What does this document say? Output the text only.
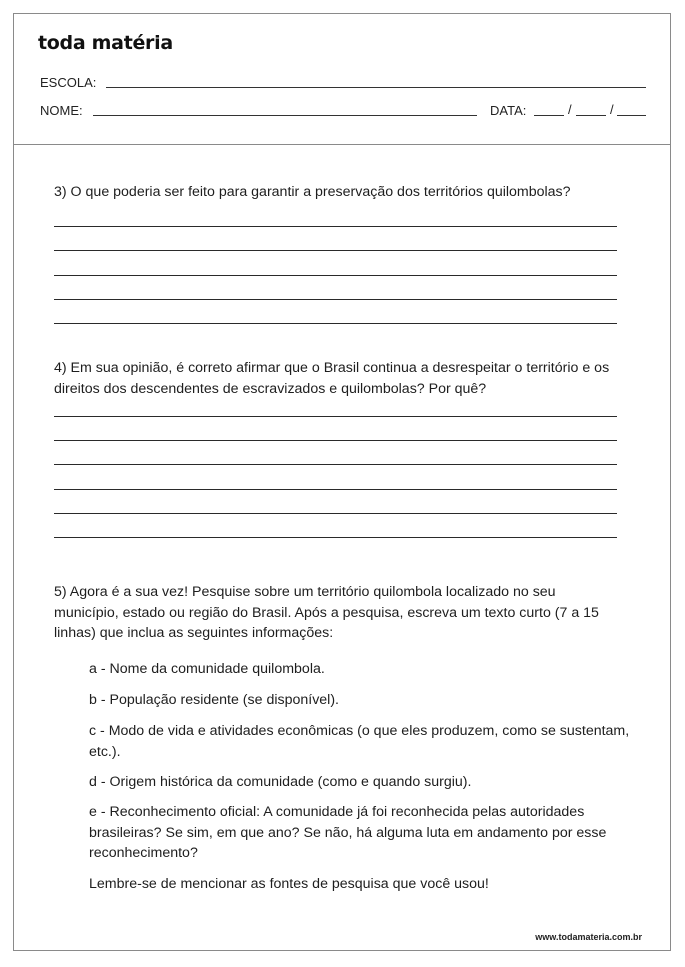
toda matéria
ESCOLA:
NOME:	DATA:	/	/
3) O que poderia ser feito para garantir a preservação dos territórios quilombolas?
4) Em sua opinião, é correto afirmar que o Brasil continua a desrespeitar o território e os direitos dos descendentes de escravizados e quilombolas? Por quê?
5) Agora é a sua vez! Pesquise sobre um território quilombola localizado no seu município, estado ou região do Brasil. Após a pesquisa, escreva um texto curto (7 a 15 linhas) que inclua as seguintes informações:
a - Nome da comunidade quilombola.
b - População residente (se disponível).
c - Modo de vida e atividades econômicas (o que eles produzem, como se sustentam, etc.).
d - Origem histórica da comunidade (como e quando surgiu).
e - Reconhecimento oficial: A comunidade já foi reconhecida pelas autoridades brasileiras? Se sim, em que ano? Se não, há alguma luta em andamento por esse reconhecimento?
Lembre-se de mencionar as fontes de pesquisa que você usou!
www.todamateria.com.br
